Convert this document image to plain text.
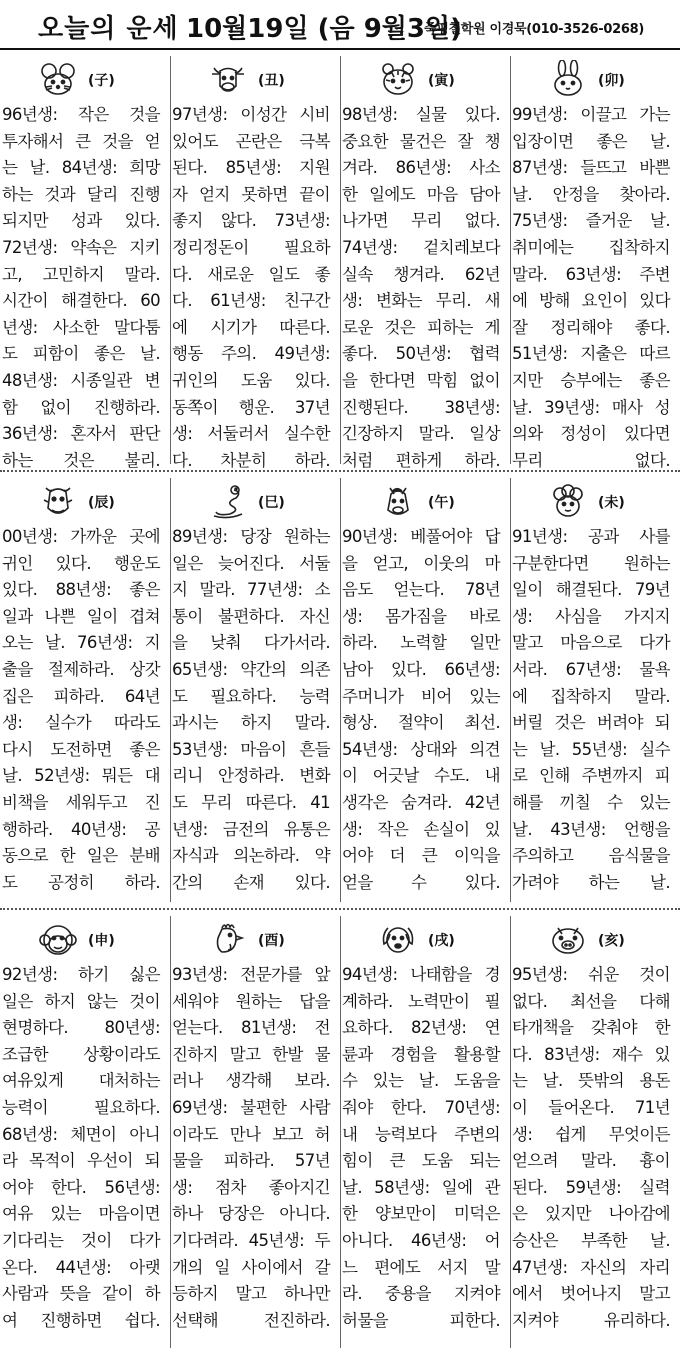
오늘의 운세 10월19일 (음 9월3일)
죽평철학원 이경묵(010-3526-0268)
(子)

96년생: 작은 것을
투자해서 큰 것을 얻
는 날. 84년생: 희망
하는 것과 달리 진행
되지만 성과 있다.
72년생: 약속은 지키
고, 고민하지 말라.
시간이 해결한다. 60
년생: 사소한 말다툼
도 피함이 좋은 날.
48년생: 시종일관 변
함 없이 진행하라.
36년생: 혼자서 판단
하는 것은 불리.

(丑)

97년생: 이성간 시비
있어도 곤란은 극복
된다. 85년생: 지원
자 얻지 못하면 끝이
좋지 않다. 73년생:
정리정돈이 필요하
다. 새로운 일도 좋
다. 61년생: 친구간
에 시기가 따른다.
행동 주의. 49년생:
귀인의 도움 있다.
동쪽이 행운. 37년
생: 서둘러서 실수한
다. 차분히 하라.

(寅)

98년생: 실물 있다.
중요한 물건은 잘 챙
겨라. 86년생: 사소
한 일에도 마음 담아
나가면 무리 없다.
74년생: 겉치레보다
실속 챙겨라. 62년
생: 변화는 무리. 새
로운 것은 피하는 게
좋다. 50년생: 협력
을 한다면 막힘 없이
진행된다. 38년생:
긴장하지 말라. 일상
처럼 편하게 하라.

(卯)

99년생: 이끌고 가는
입장이면 좋은 날.
87년생: 들뜨고 바쁜
날. 안정을 찾아라.
75년생: 즐거운 날.
취미에는 집착하지
말라. 63년생: 주변
에 방해 요인이 있다
잘 정리해야 좋다.
51년생: 지출은 따르
지만 승부에는 좋은
날. 39년생: 매사 성
의와 정성이 있다면
무리 없다.

(辰)

00년생: 가까운 곳에
귀인 있다. 행운도
있다. 88년생: 좋은
일과 나쁜 일이 겹쳐
오는 날. 76년생: 지
출을 절제하라. 상갓
집은 피하라. 64년
생: 실수가 따라도
다시 도전하면 좋은
날. 52년생: 뭐든 대
비책을 세워두고 진
행하라. 40년생: 공
동으로 한 일은 분배
도 공정히 하라.

(巳)

89년생: 당장 원하는
일은 늦어진다. 서둘
지 말라. 77년생: 소
통이 불편하다. 자신
을 낮춰 다가서라.
65년생: 약간의 의존
도 필요하다. 능력
과시는 하지 말라.
53년생: 마음이 흔들
리니 안정하라. 변화
도 무리 따른다. 41
년생: 금전의 유통은
자식과 의논하라. 약
간의 손재 있다.

(午)

90년생: 베풀어야 답
을 얻고, 이웃의 마
음도 얻는다. 78년
생: 몸가짐을 바로
하라. 노력할 일만
남아 있다. 66년생:
주머니가 비어 있는
형상. 절약이 최선.
54년생: 상대와 의견
이 어긋날 수도. 내
생각은 숨겨라. 42년
생: 작은 손실이 있
어야 더 큰 이익을
얻을 수 있다.

(未)

91년생: 공과 사를
구분한다면 원하는
일이 해결된다. 79년
생: 사심을 가지지
말고 마음으로 다가
서라. 67년생: 물욕
에 집착하지 말라.
버릴 것은 버려야 되
는 날. 55년생: 실수
로 인해 주변까지 피
해를 끼칠 수 있는
날. 43년생: 언행을
주의하고 음식물을
가려야 하는 날.

(申)

92년생: 하기 싫은
일은 하지 않는 것이
현명하다. 80년생:
조급한 상황이라도
여유있게 대처하는
능력이 필요하다.
68년생: 체면이 아니
라 목적이 우선이 되
어야 한다. 56년생:
여유 있는 마음이면
기다리는 것이 다가
온다. 44년생: 아랫
사람과 뜻을 같이 하
여 진행하면 쉽다.

(酉)

93년생: 전문가를 앞
세워야 원하는 답을
얻는다. 81년생: 전
진하지 말고 한발 물
러나 생각해 보라.
69년생: 불편한 사람
이라도 만나 보고 허
물을 피하라. 57년
생: 점차 좋아지긴
하나 당장은 아니다.
기다려라. 45년생: 두
개의 일 사이에서 갈
등하지 말고 하나만
선택해 전진하라.

(戌)

94년생: 나태함을 경
계하라. 노력만이 필
요하다. 82년생: 연
륜과 경험을 활용할
수 있는 날. 도움을
줘야 한다. 70년생:
내 능력보다 주변의
힘이 큰 도움 되는
날. 58년생: 일에 관
한 양보만이 미덕은
아니다. 46년생: 어
느 편에도 서지 말
라. 중용을 지켜야
허물을 피한다.

(亥)

95년생: 쉬운 것이
없다. 최선을 다해
타개책을 갖춰야 한
다. 83년생: 재수 있
는 날. 뜻밖의 용돈
이 들어온다. 71년
생: 쉽게 무엇이든
얻으려 말라. 흉이
된다. 59년생: 실력
은 있지만 나아감에
승산은 부족한 날.
47년생: 자신의 자리
에서 벗어나지 말고
지켜야 유리하다.
